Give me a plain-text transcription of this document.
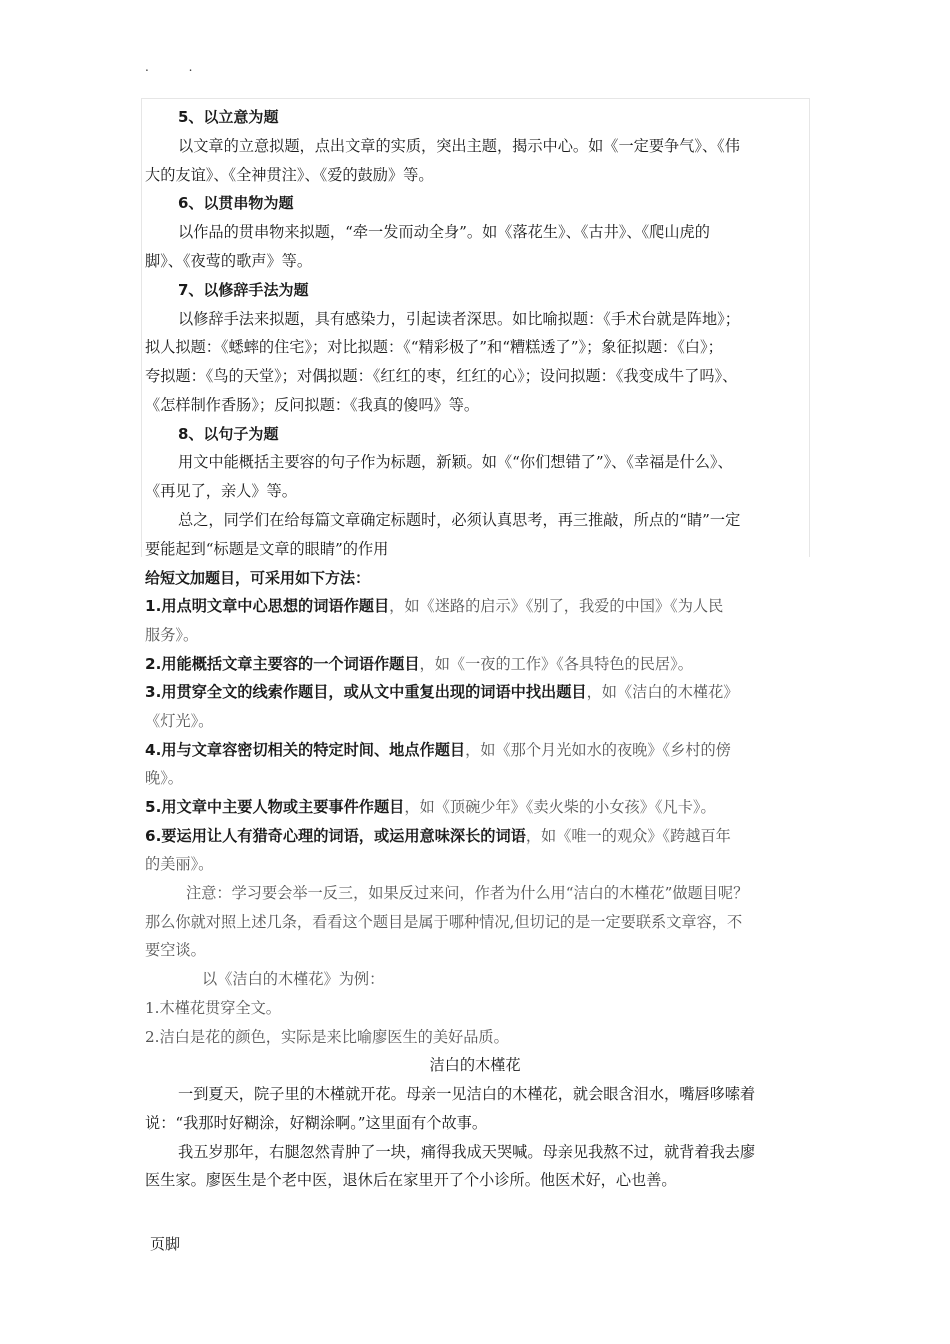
. .
5、以立意为题
以文章的立意拟题，点出文章的实质，突出主题，揭示中心。如《一定要争气》、《伟
大的友谊》、《全神贯注》、《爱的鼓励》等。
6、以贯串物为题
以作品的贯串物来拟题，“牵一发而动全身”。如《落花生》、《古井》、《爬山虎的
脚》、《夜莺的歌声》等。
7、以修辞手法为题
以修辞手法来拟题，具有感染力，引起读者深思。如比喻拟题：《手术台就是阵地》；
拟人拟题：《蟋蟀的住宅》；对比拟题：《“精彩极了”和“糟糕透了”》；象征拟题：《白》；
夸拟题：《鸟的天堂》；对偶拟题：《红红的枣，红红的心》；设问拟题：《我变成牛了吗》、
《怎样制作香肠》；反问拟题：《我真的傻吗》等。
8、以句子为题
用文中能概括主要容的句子作为标题，新颖。如《“你们想错了”》、《幸福是什么》、
《再见了，亲人》等。
总之，同学们在给每篇文章确定标题时，必须认真思考，再三推敲，所点的“睛”一定
要能起到“标题是文章的眼睛”的作用
给短文加题目，可采用如下方法：
1.用点明文章中心思想的词语作题目，如《迷路的启示》《别了，我爱的中国》《为人民
服务》。
2.用能概括文章主要容的一个词语作题目，如《一夜的工作》《各具特色的民居》。
3.用贯穿全文的线索作题目，或从文中重复出现的词语中找出题目，如《洁白的木槿花》
《灯光》。
4.用与文章容密切相关的特定时间、地点作题目，如《那个月光如水的夜晚》《乡村的傍
晚》。
5.用文章中主要人物或主要事件作题目，如《顶碗少年》《卖火柴的小女孩》《凡卡》。
6.要运用让人有猎奇心理的词语，或运用意味深长的词语，如《唯一的观众》《跨越百年
的美丽》。
注意：学习要会举一反三，如果反过来问，作者为什么用“洁白的木槿花”做题目呢？
那么你就对照上述几条，看看这个题目是属于哪种情况,但切记的是一定要联系文章容，不
要空谈。
以《洁白的木槿花》为例：
1.木槿花贯穿全文。
2.洁白是花的颜色，实际是来比喻廖医生的美好品质。
洁白的木槿花
一到夏天，院子里的木槿就开花。母亲一见洁白的木槿花，就会眼含泪水，嘴唇哆嗦着
说：“我那时好糊涂，好糊涂啊。”这里面有个故事。
我五岁那年，右腿忽然青肿了一块，痛得我成天哭喊。母亲见我熬不过，就背着我去廖
医生家。廖医生是个老中医，退休后在家里开了个小诊所。他医术好，心也善。
页脚
